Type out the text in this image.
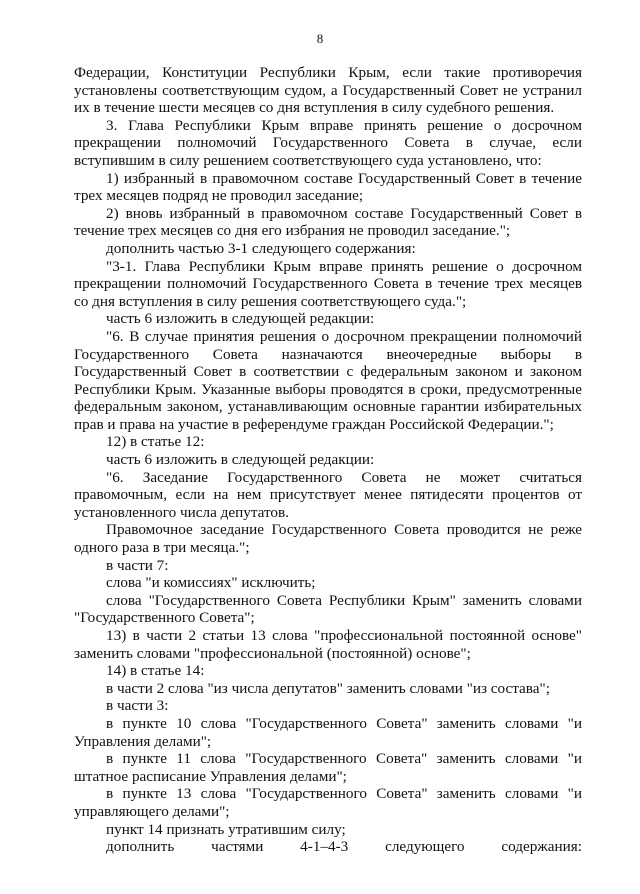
8

Федерации, Конституции Республики Крым, если такие противоречия установлены соответствующим судом, а Государственный Совет не устранил их в течение шести месяцев со дня вступления в силу судебного решения.

3. Глава Республики Крым вправе принять решение о досрочном прекращении полномочий Государственного Совета в случае, если вступившим в силу решением соответствующего суда установлено, что:

1) избранный в правомочном составе Государственный Совет в течение трех месяцев подряд не проводил заседание;

2) вновь избранный в правомочном составе Государственный Совет в течение трех месяцев со дня его избрания не проводил заседание.";

дополнить частью 3-1 следующего содержания:

"3-1. Глава Республики Крым вправе принять решение о досрочном прекращении полномочий Государственного Совета в течение трех месяцев со дня вступления в силу решения соответствующего суда.";

часть 6 изложить в следующей редакции:

"6. В случае принятия решения о досрочном прекращении полномочий Государственного Совета назначаются внеочередные выборы в Государственный Совет в соответствии с федеральным законом и законом Республики Крым. Указанные выборы проводятся в сроки, предусмотренные федеральным законом, устанавливающим основные гарантии избирательных прав и права на участие в референдуме граждан Российской Федерации.";

12) в статье 12:

часть 6 изложить в следующей редакции:

"6. Заседание Государственного Совета не может считаться правомочным, если на нем присутствует менее пятидесяти процентов от установленного числа депутатов.

Правомочное заседание Государственного Совета проводится не реже одного раза в три месяца.";

в части 7:

слова "и комиссиях" исключить;

слова "Государственного Совета Республики Крым" заменить словами "Государственного Совета";

13) в части 2 статьи 13 слова "профессиональной постоянной основе" заменить словами "профессиональной (постоянной) основе";

14) в статье 14:

в части 2 слова "из числа депутатов" заменить словами "из состава";

в части 3:

в пункте 10 слова "Государственного Совета" заменить словами "и Управления делами";

в пункте 11 слова "Государственного Совета" заменить словами "и штатное расписание Управления делами";

в пункте 13 слова "Государственного Совета" заменить словами "и управляющего делами";

пункт 14 признать утратившим силу;

дополнить частями 4-1–4-3 следующего содержания:
